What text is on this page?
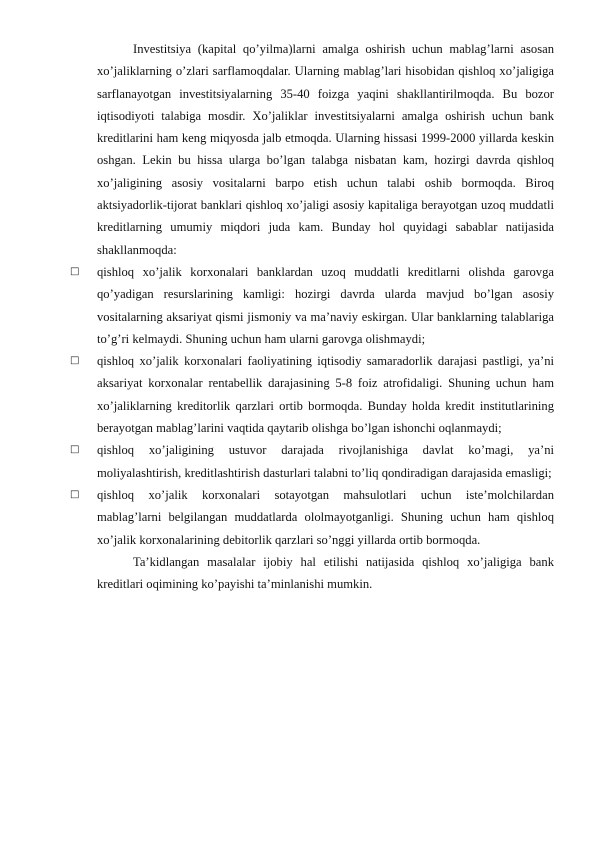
Investitsiya (kapital qo’yilma)larni amalga oshirish uchun mablag’larni asosan xo’jaliklarning o’zlari sarflamoqdalar. Ularning mablag’lari hisobidan qishloq xo’jaligiga sarflanayotgan investitsiyalarning 35-40 foizga yaqini shakllantirilmoqda. Bu bozor iqtisodiyoti talabiga mosdir. Xo’jaliklar investitsiyalarni amalga oshirish uchun bank kreditlarini ham keng miqyosda jalb etmoqda. Ularning hissasi 1999-2000 yillarda keskin oshgan. Lekin bu hissa ularga bo’lgan talabga nisbatan kam, hozirgi davrda qishloq xo’jaligining asosiy vositalarni barpo etish uchun talabi oshib bormoqda. Biroq aktsiyadorlik-tijorat banklari qishloq xo’jaligi asosiy kapitaliga berayotgan uzoq muddatli kreditlarning umumiy miqdori juda kam. Bunday hol quyidagi sabablar natijasida shakllanmoqda:

□ qishloq xo’jalik korxonalari banklardan uzoq muddatli kreditlarni olishda garovga qo’yadigan resurslarining kamligi: hozirgi davrda ularda mavjud bo’lgan asosiy vositalarning aksariyat qismi jismoniy va ma’naviy eskirgan. Ular banklarning talablariga to’g’ri kelmaydi. Shuning uchun ham ularni garovga olishmaydi;
□ qishloq xo’jalik korxonalari faoliyatining iqtisodiy samaradorlik darajasi pastligi, ya’ni aksariyat korxonalar rentabellik darajasining 5-8 foiz atrofidaligi. Shuning uchun ham xo’jaliklarning kreditorlik qarzlari ortib bormoqda. Bunday holda kredit institutlarining berayotgan mablag’larini vaqtida qaytarib olishga bo’lgan ishonchi oqlanmaydi;
□ qishloq xo’jaligining ustuvor darajada rivojlanishiga davlat ko’magi, ya’ni moliyalashtirish, kreditlashtirish dasturlari talabni to’liq qondiradigan darajasida emasligi;
□ qishloq xo’jalik korxonalari sotayotgan mahsulotlari uchun iste’molchilardan mablag’larni belgilangan muddatlarda ololmayotganligi. Shuning uchun ham qishloq xo’jalik korxonalarining debitorlik qarzlari so’nggi yillarda ortib bormoqda.

Ta’kidlangan masalalar ijobiy hal etilishi natijasida qishloq xo’jaligiga bank kreditlari oqimining ko’payishi ta’minlanishi mumkin.
